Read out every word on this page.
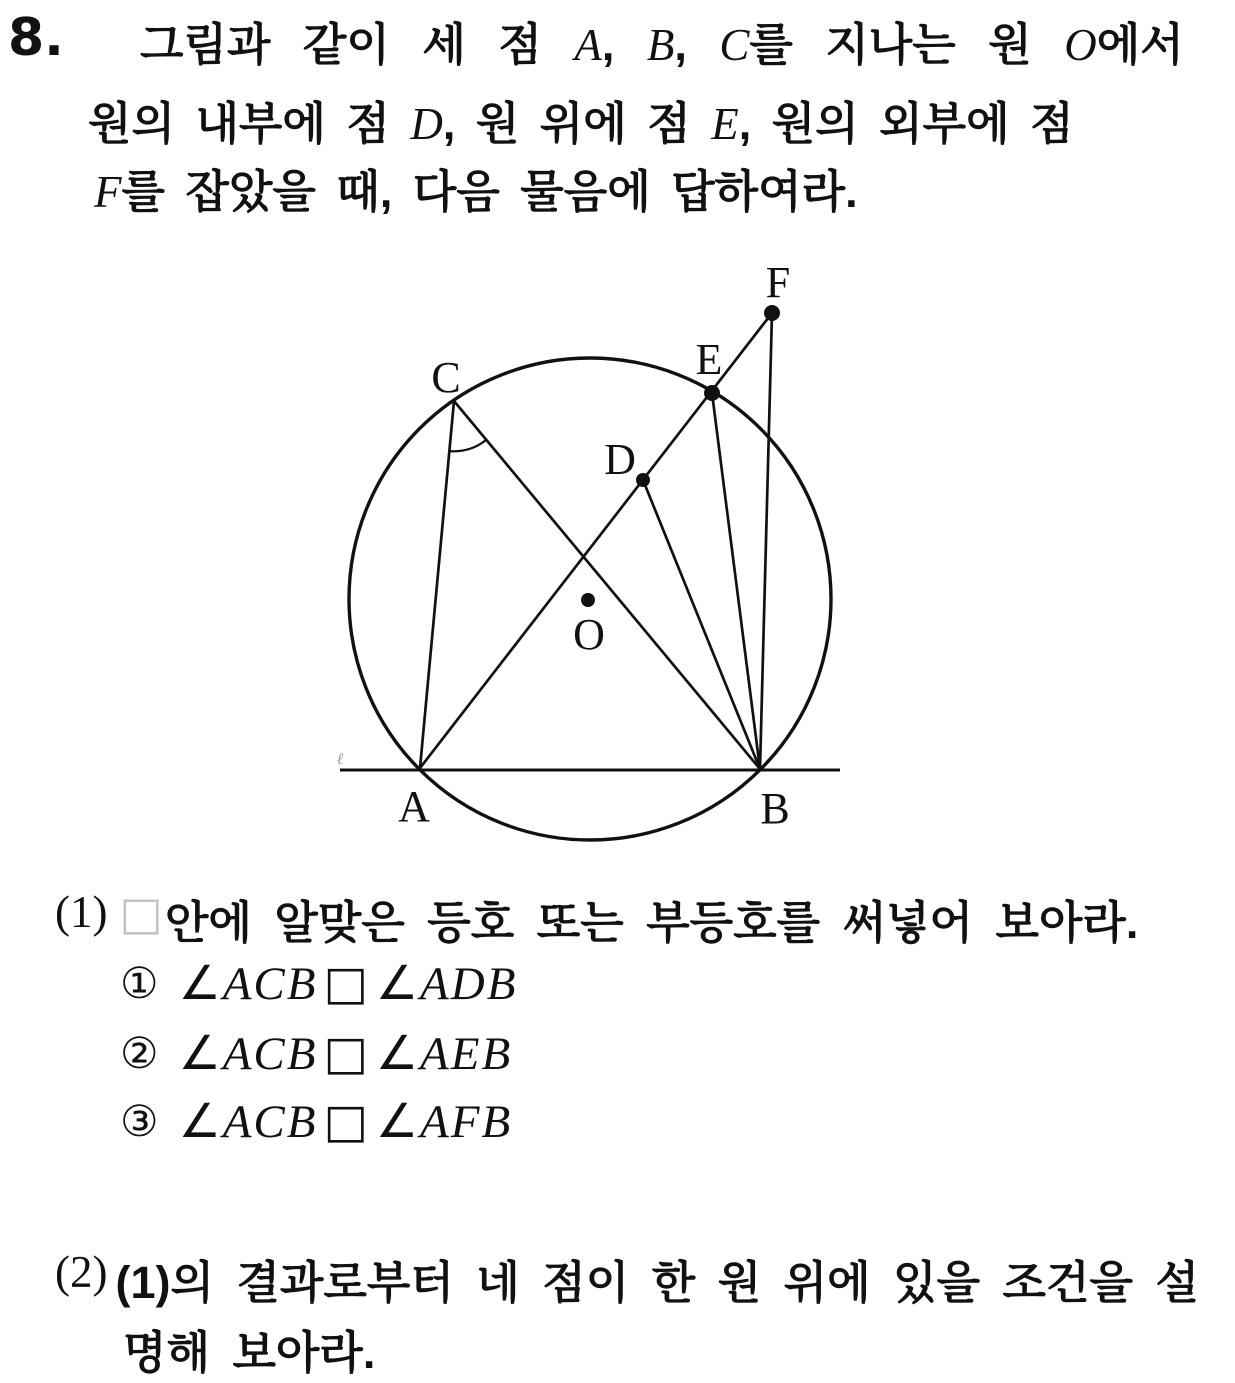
8. 그림과 같이 세 점 A, B, C를 지나는 원 O에서
원의 내부에 점 D, 원 위에 점 E, 원의 외부에 점
F를 잡았을 때, 다음 물음에 답하여라.
A	B
C
D
E
F
O
ℓ
(1) □ 안에 알맞은 등호 또는 부등호를 써넣어 보아라.
① ∠ACB □ ∠ADB
② ∠ACB □ ∠AEB
③ ∠ACB □ ∠AFB
(2) (1)의 결과로부터 네 점이 한 원 위에 있을 조건을 설
명해 보아라.
